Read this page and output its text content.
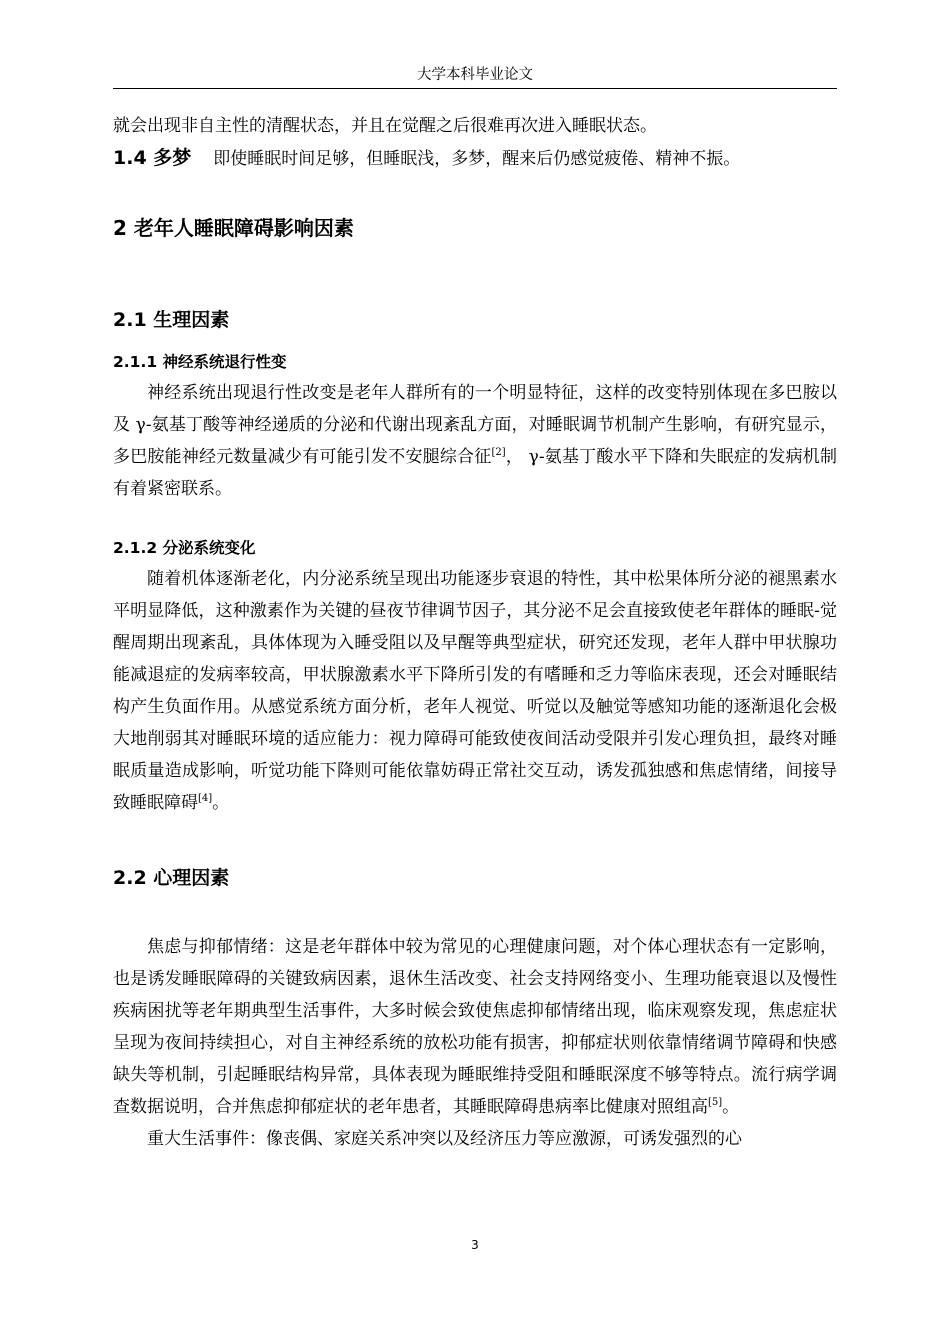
大学本科毕业论文

就会出现非自主性的清醒状态，并且在觉醒之后很难再次进入睡眠状态。

1.4 多梦 即使睡眠时间足够，但睡眠浅，多梦，醒来后仍感觉疲倦、精神不振。

2 老年人睡眠障碍影响因素
2.1 生理因素
2.1.1 神经系统退行性变

神经系统出现退行性改变是老年人群所有的一个明显特征，这样的改变特别体现在多巴胺以及 γ-氨基丁酸等神经递质的分泌和代谢出现紊乱方面，对睡眠调节机制产生影响，有研究显示，多巴胺能神经元数量减少有可能引发不安腿综合征[2]， γ-氨基丁酸水平下降和失眠症的发病机制有着紧密联系。

2.1.2 分泌系统变化

随着机体逐渐老化，内分泌系统呈现出功能逐步衰退的特性，其中松果体所分泌的褪黑素水平明显降低，这种激素作为关键的昼夜节律调节因子，其分泌不足会直接致使老年群体的睡眠-觉醒周期出现紊乱，具体体现为入睡受阻以及早醒等典型症状，研究还发现，老年人群中甲状腺功能减退症的发病率较高，甲状腺激素水平下降所引发的有嗜睡和乏力等临床表现，还会对睡眠结构产生负面作用。从感觉系统方面分析，老年人视觉、听觉以及触觉等感知功能的逐渐退化会极大地削弱其对睡眠环境的适应能力：视力障碍可能致使夜间活动受限并引发心理负担，最终对睡眠质量造成影响，听觉功能下降则可能依靠妨碍正常社交互动，诱发孤独感和焦虑情绪，间接导致睡眠障碍[4]。

2.2 心理因素

焦虑与抑郁情绪：这是老年群体中较为常见的心理健康问题，对个体心理状态有一定影响，也是诱发睡眠障碍的关键致病因素，退休生活改变、社会支持网络变小、生理功能衰退以及慢性疾病困扰等老年期典型生活事件，大多时候会致使焦虑抑郁情绪出现，临床观察发现，焦虑症状呈现为夜间持续担心，对自主神经系统的放松功能有损害，抑郁症状则依靠情绪调节障碍和快感缺失等机制，引起睡眠结构异常，具体表现为睡眠维持受阻和睡眠深度不够等特点。流行病学调查数据说明，合并焦虑抑郁症状的老年患者，其睡眠障碍患病率比健康对照组高[5]。

重大生活事件：像丧偶、家庭关系冲突以及经济压力等应激源，可诱发强烈的心

3
